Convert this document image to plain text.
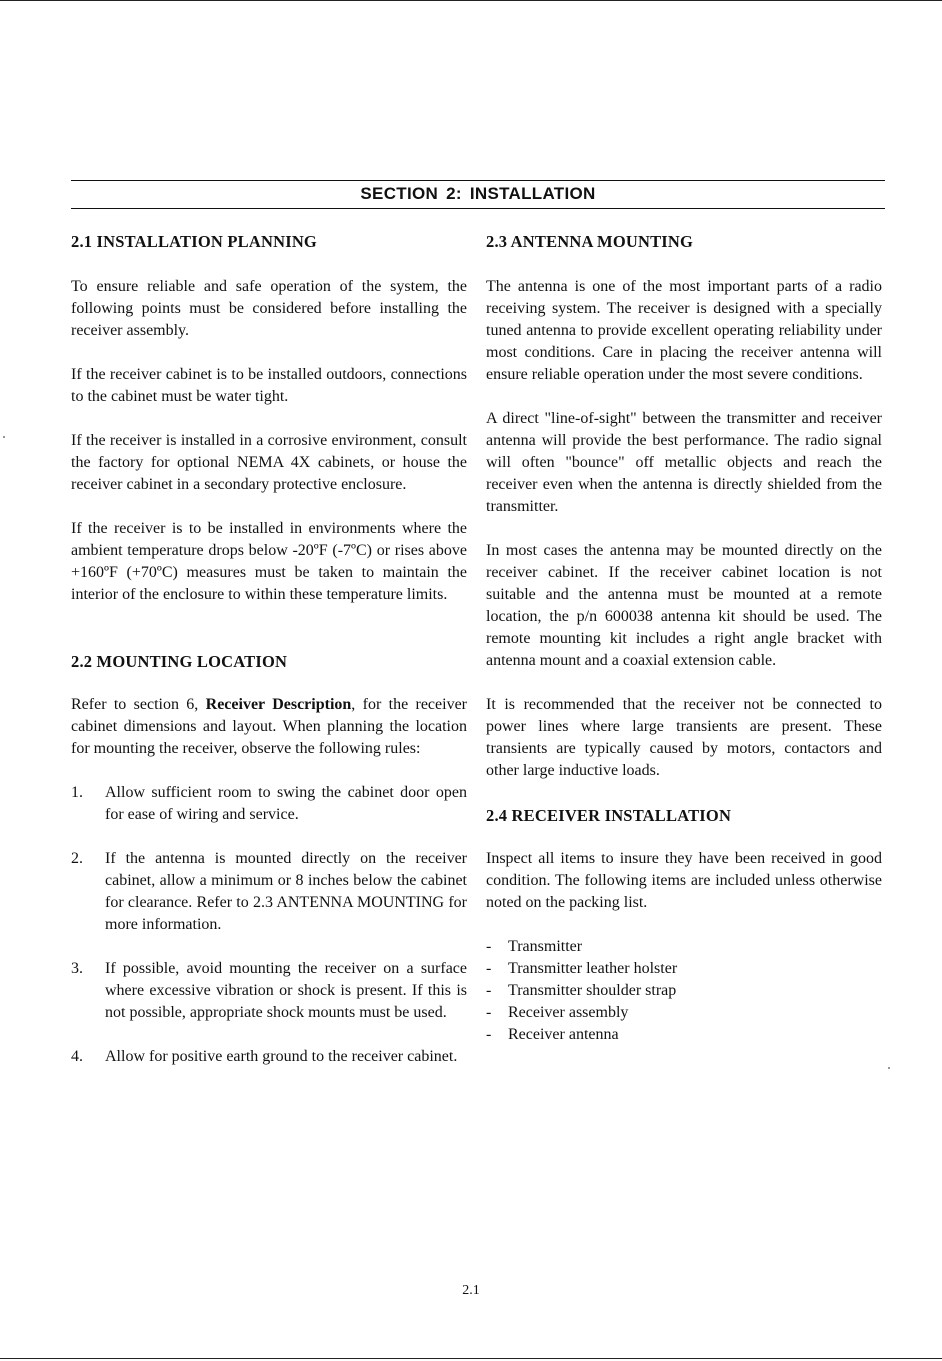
SECTION 2: INSTALLATION
2.1 INSTALLATION PLANNING

To ensure reliable and safe operation of the system, the following points must be considered before installing the receiver assembly.

If the receiver cabinet is to be installed outdoors, connections to the cabinet must be water tight.

If the receiver is installed in a corrosive environment, consult the factory for optional NEMA 4X cabinets, or house the receiver cabinet in a secondary protective enclosure.

If the receiver is to be installed in environments where the ambient temperature drops below -20ºF (-7ºC) or rises above +160ºF (+70ºC) measures must be taken to maintain the interior of the enclosure to within these temperature limits.

2.2 MOUNTING LOCATION

Refer to section 6, Receiver Description, for the receiver cabinet dimensions and layout. When planning the location for mounting the receiver, observe the following rules:

1. Allow sufficient room to swing the cabinet door open for ease of wiring and service.
2. If the antenna is mounted directly on the receiver cabinet, allow a minimum or 8 inches below the cabinet for clearance. Refer to 2.3 ANTENNA MOUNTING for more information.
3. If possible, avoid mounting the receiver on a surface where excessive vibration or shock is present. If this is not possible, appropriate shock mounts must be used.
4. Allow for positive earth ground to the receiver cabinet.
2.3 ANTENNA MOUNTING

The antenna is one of the most important parts of a radio receiving system. The receiver is designed with a specially tuned antenna to provide excellent operating reliability under most conditions. Care in placing the receiver antenna will ensure reliable operation under the most severe conditions.

A direct "line-of-sight" between the transmitter and receiver antenna will provide the best performance. The radio signal will often "bounce" off metallic objects and reach the receiver even when the antenna is directly shielded from the transmitter.

In most cases the antenna may be mounted directly on the receiver cabinet. If the receiver cabinet location is not suitable and the antenna must be mounted at a remote location, the p/n 600038 antenna kit should be used. The remote mounting kit includes a right angle bracket with antenna mount and a coaxial extension cable.

It is recommended that the receiver not be connected to power lines where large transients are present. These transients are typically caused by motors, contactors and other large inductive loads.

2.4 RECEIVER INSTALLATION

Inspect all items to insure they have been received in good condition. The following items are included unless otherwise noted on the packing list.

- Transmitter
- Transmitter leather holster
- Transmitter shoulder strap
- Receiver assembly
- Receiver antenna
2.1
